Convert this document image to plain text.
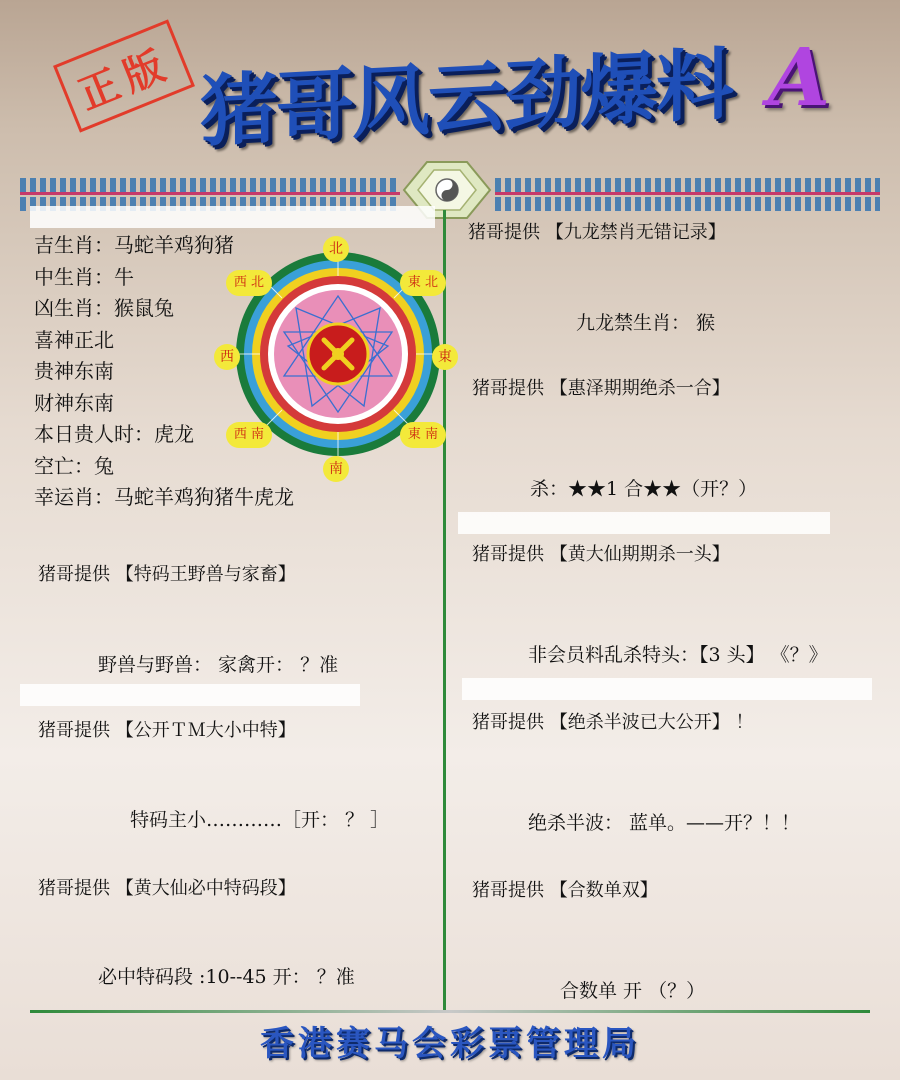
正版 猪哥风云劲爆料 A
吉生肖：马蛇羊鸡狗猪
中生肖：牛
凶生肖：猴鼠兔
喜神正北
贵神东南
财神东南
本日贵人时：虎龙
空亡：兔
幸运肖：马蛇羊鸡狗猪牛虎龙
北
南
西	東
西 北	東 北
西 南	東 南
猪哥提供 【特码王野兽与家畜】
野兽与野兽： 家禽开： ？准
猪哥提供 【公开ＴＭ大小中特】
特码主小…………［开： ？ ］
猪哥提供 【黄大仙必中特码段】
必中特码段 :10--45 开： ？准
猪哥提供 【九龙禁肖无错记录】
九龙禁生肖： 猴
猪哥提供 【惠泽期期绝杀一合】
杀：★★1 合★★（开？）
猪哥提供 【黄大仙期期杀一头】
非会员料乱杀特头：【3 头】 《？》
猪哥提供 【绝杀半波已大公开】 ！
绝杀半波： 蓝单。——开？！！
猪哥提供 【合数单双】
合数单 开 （？）
香港赛马会彩票管理局
